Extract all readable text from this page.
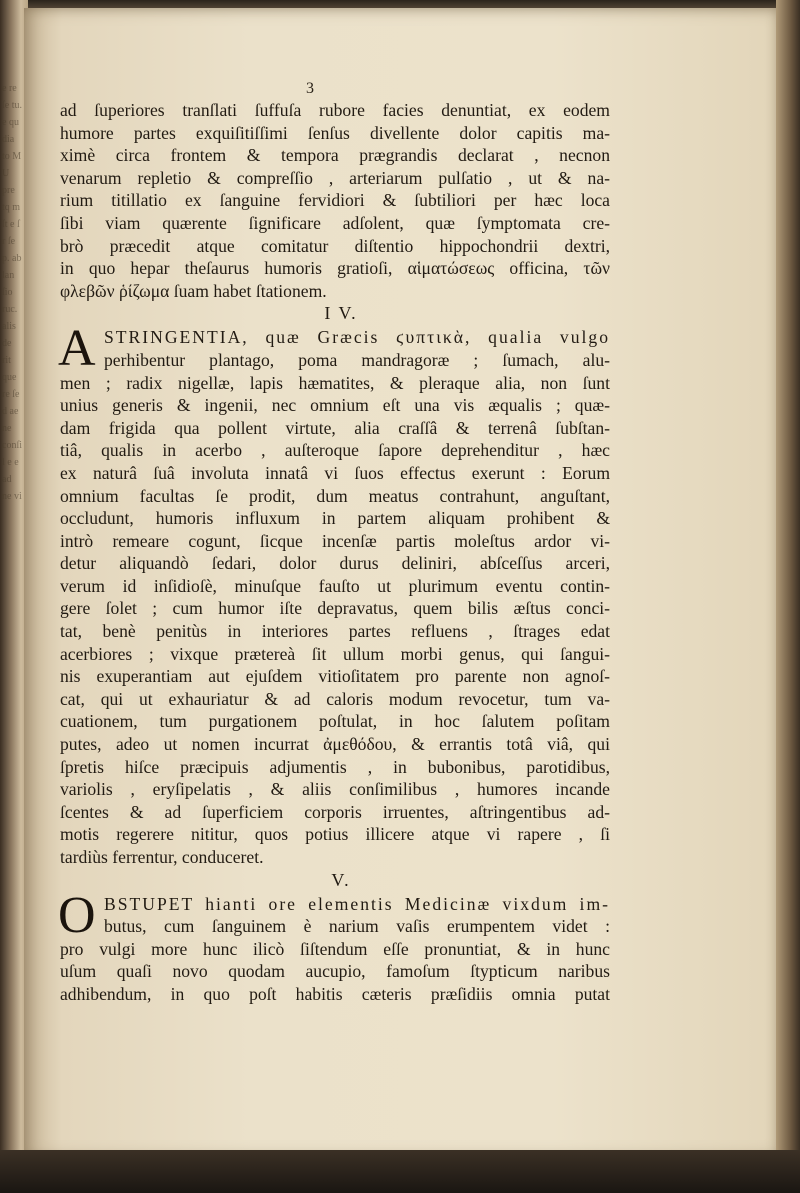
e re ſe tu. e qu dia to M U pre tq m ſt e ſ r ſe p. ab lan ſio ruc. alis de rit que re ſe d ae ne conſi l e e ad ne vi
3
ad ſuperiores tranſlati ſuffuſa rubore facies denuntiat, ex eodem
humore partes exquiſitiſſimi ſenſus divellente dolor capitis ma-
ximè circa frontem & tempora prægrandis declarat , necnon
venarum repletio & compreſſio , arteriarum pulſatio , ut & na-
rium titillatio ex ſanguine fervidiori & ſubtiliori per hæc loca
ſibi viam quærente ſignificare adſolent, quæ ſymptomata cre-
brò præcedit atque comitatur diſtentio hippochondrii dextri,
in quo hepar theſaurus humoris gratioſi, αἱματώσεως officina, τῶν
φλεβῶν ῥίζωμα ſuam habet ſtationem.
I V.
A STRINGENTIA, quæ Græcis ϛυπτικὰ, qualia vulgo
perhibentur plantago, poma mandragoræ ; ſumach, alu-
men ; radix nigellæ, lapis hæmatites, & pleraque alia, non ſunt
unius generis & ingenii, nec omnium eſt una vis æqualis ; quæ-
dam frigida qua pollent virtute, alia craſſâ & terrenâ ſubſtan-
tiâ, qualis in acerbo , auſteroque ſapore deprehenditur , hæc
ex naturâ ſuâ involuta innatâ vi ſuos effectus exerunt : Eorum
omnium facultas ſe prodit, dum meatus contrahunt, anguſtant,
occludunt, humoris influxum in partem aliquam prohibent &
intrò remeare cogunt, ſicque incenſæ partis moleſtus ardor vi-
detur aliquandò ſedari, dolor durus deliniri, abſceſſus arceri,
verum id inſidioſè, minuſque fauſto ut plurimum eventu contin-
gere ſolet ; cum humor iſte depravatus, quem bilis æſtus conci-
tat, benè penitùs in interiores partes refluens , ſtrages edat
acerbiores ; vixque prætereà ſit ullum morbi genus, qui ſangui-
nis exuperantiam aut ejuſdem vitioſitatem pro parente non agnoſ-
cat, qui ut exhauriatur & ad caloris modum revocetur, tum va-
cuationem, tum purgationem poſtulat, in hoc ſalutem poſitam
putes, adeo ut nomen incurrat ἀμεθόδου, & errantis totâ viâ, qui
ſpretis hiſce præcipuis adjumentis , in bubonibus, parotidibus,
variolis , eryſipelatis , & aliis conſimilibus , humores incande
ſcentes & ad ſuperficiem corporis irruentes, aſtringentibus ad-
motis regerere nititur, quos potius illicere atque vi rapere , ſi
tardiùs ferrentur, conduceret.
V.
O BSTUPET hianti ore elementis Medicinæ vixdum im-
butus, cum ſanguinem è narium vaſis erumpentem videt :
pro vulgi more hunc ilicò ſiſtendum eſſe pronuntiat, & in hunc
uſum quaſi novo quodam aucupio, famoſum ſtypticum naribus
adhibendum, in quo poſt habitis cæteris præſidiis omnia putat
